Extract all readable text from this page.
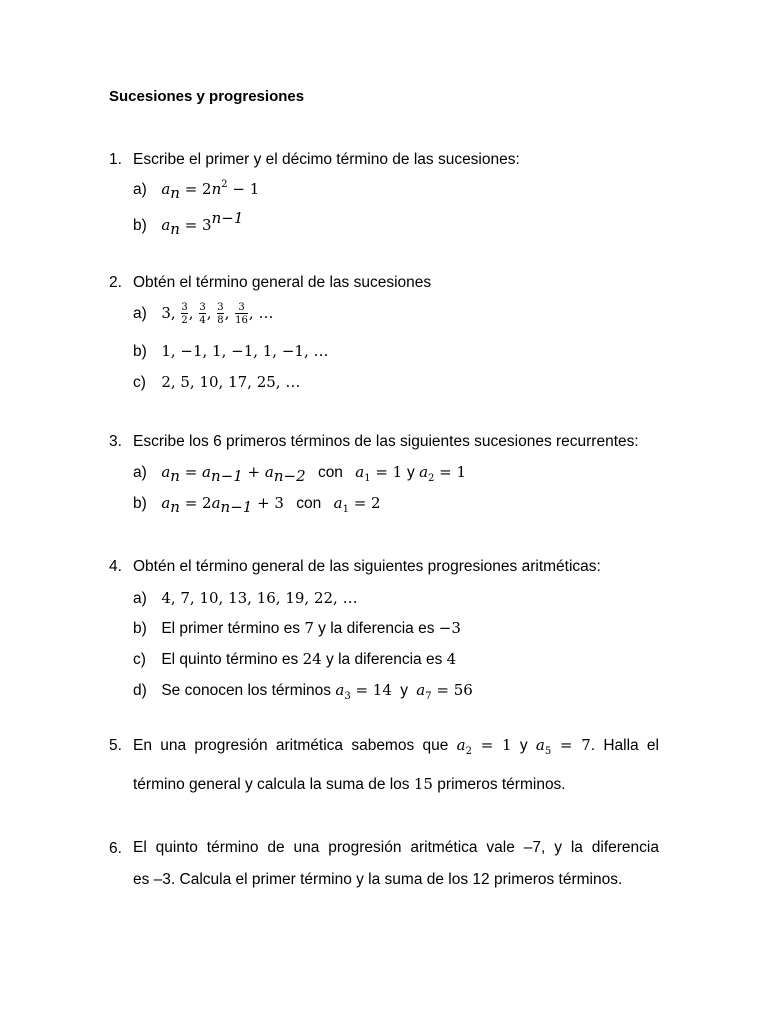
Sucesiones y progresiones
1. Escribe el primer y el décimo término de las sucesiones:
a) $a_n = 2n^2 - 1$
b) $a_n = 3^{n-1}$
2. Obtén el término general de las sucesiones
a) 3, $\frac{3}{2}$ , $\frac{3}{4}$ , $\frac{3}{8}$ , $\frac{3}{16}$ , …
b) 1, −1, 1, −1, 1, −1, …
c) 2, 5, 10, 17, 25, …
3. Escribe los 6 primeros términos de las siguientes sucesiones recurrentes:
a) $a_n = a_{n-1} + a_{n-2}$ con $a_1 = 1$ y $a_2 = 1$
b) $a_n = 2a_{n-1} + 3$ con $a_1 = 2$
4. Obtén el término general de las siguientes progresiones aritméticas:
a) 4, 7, 10, 13, 16, 19, 22, …
b) El primer término es 7 y la diferencia es −3
c) El quinto término es 24 y la diferencia es 4
d) Se conocen los términos $a_3 = 14$ y $a_7 = 56$
5. En una progresión aritmética sabemos que $a_2 = 1$ y $a_5 = 7$. Halla el
término general y calcula la suma de los 15 primeros términos.
6. El quinto término de una progresión aritmética vale –7, y la diferencia
es –3. Calcula el primer término y la suma de los 12 primeros términos.
